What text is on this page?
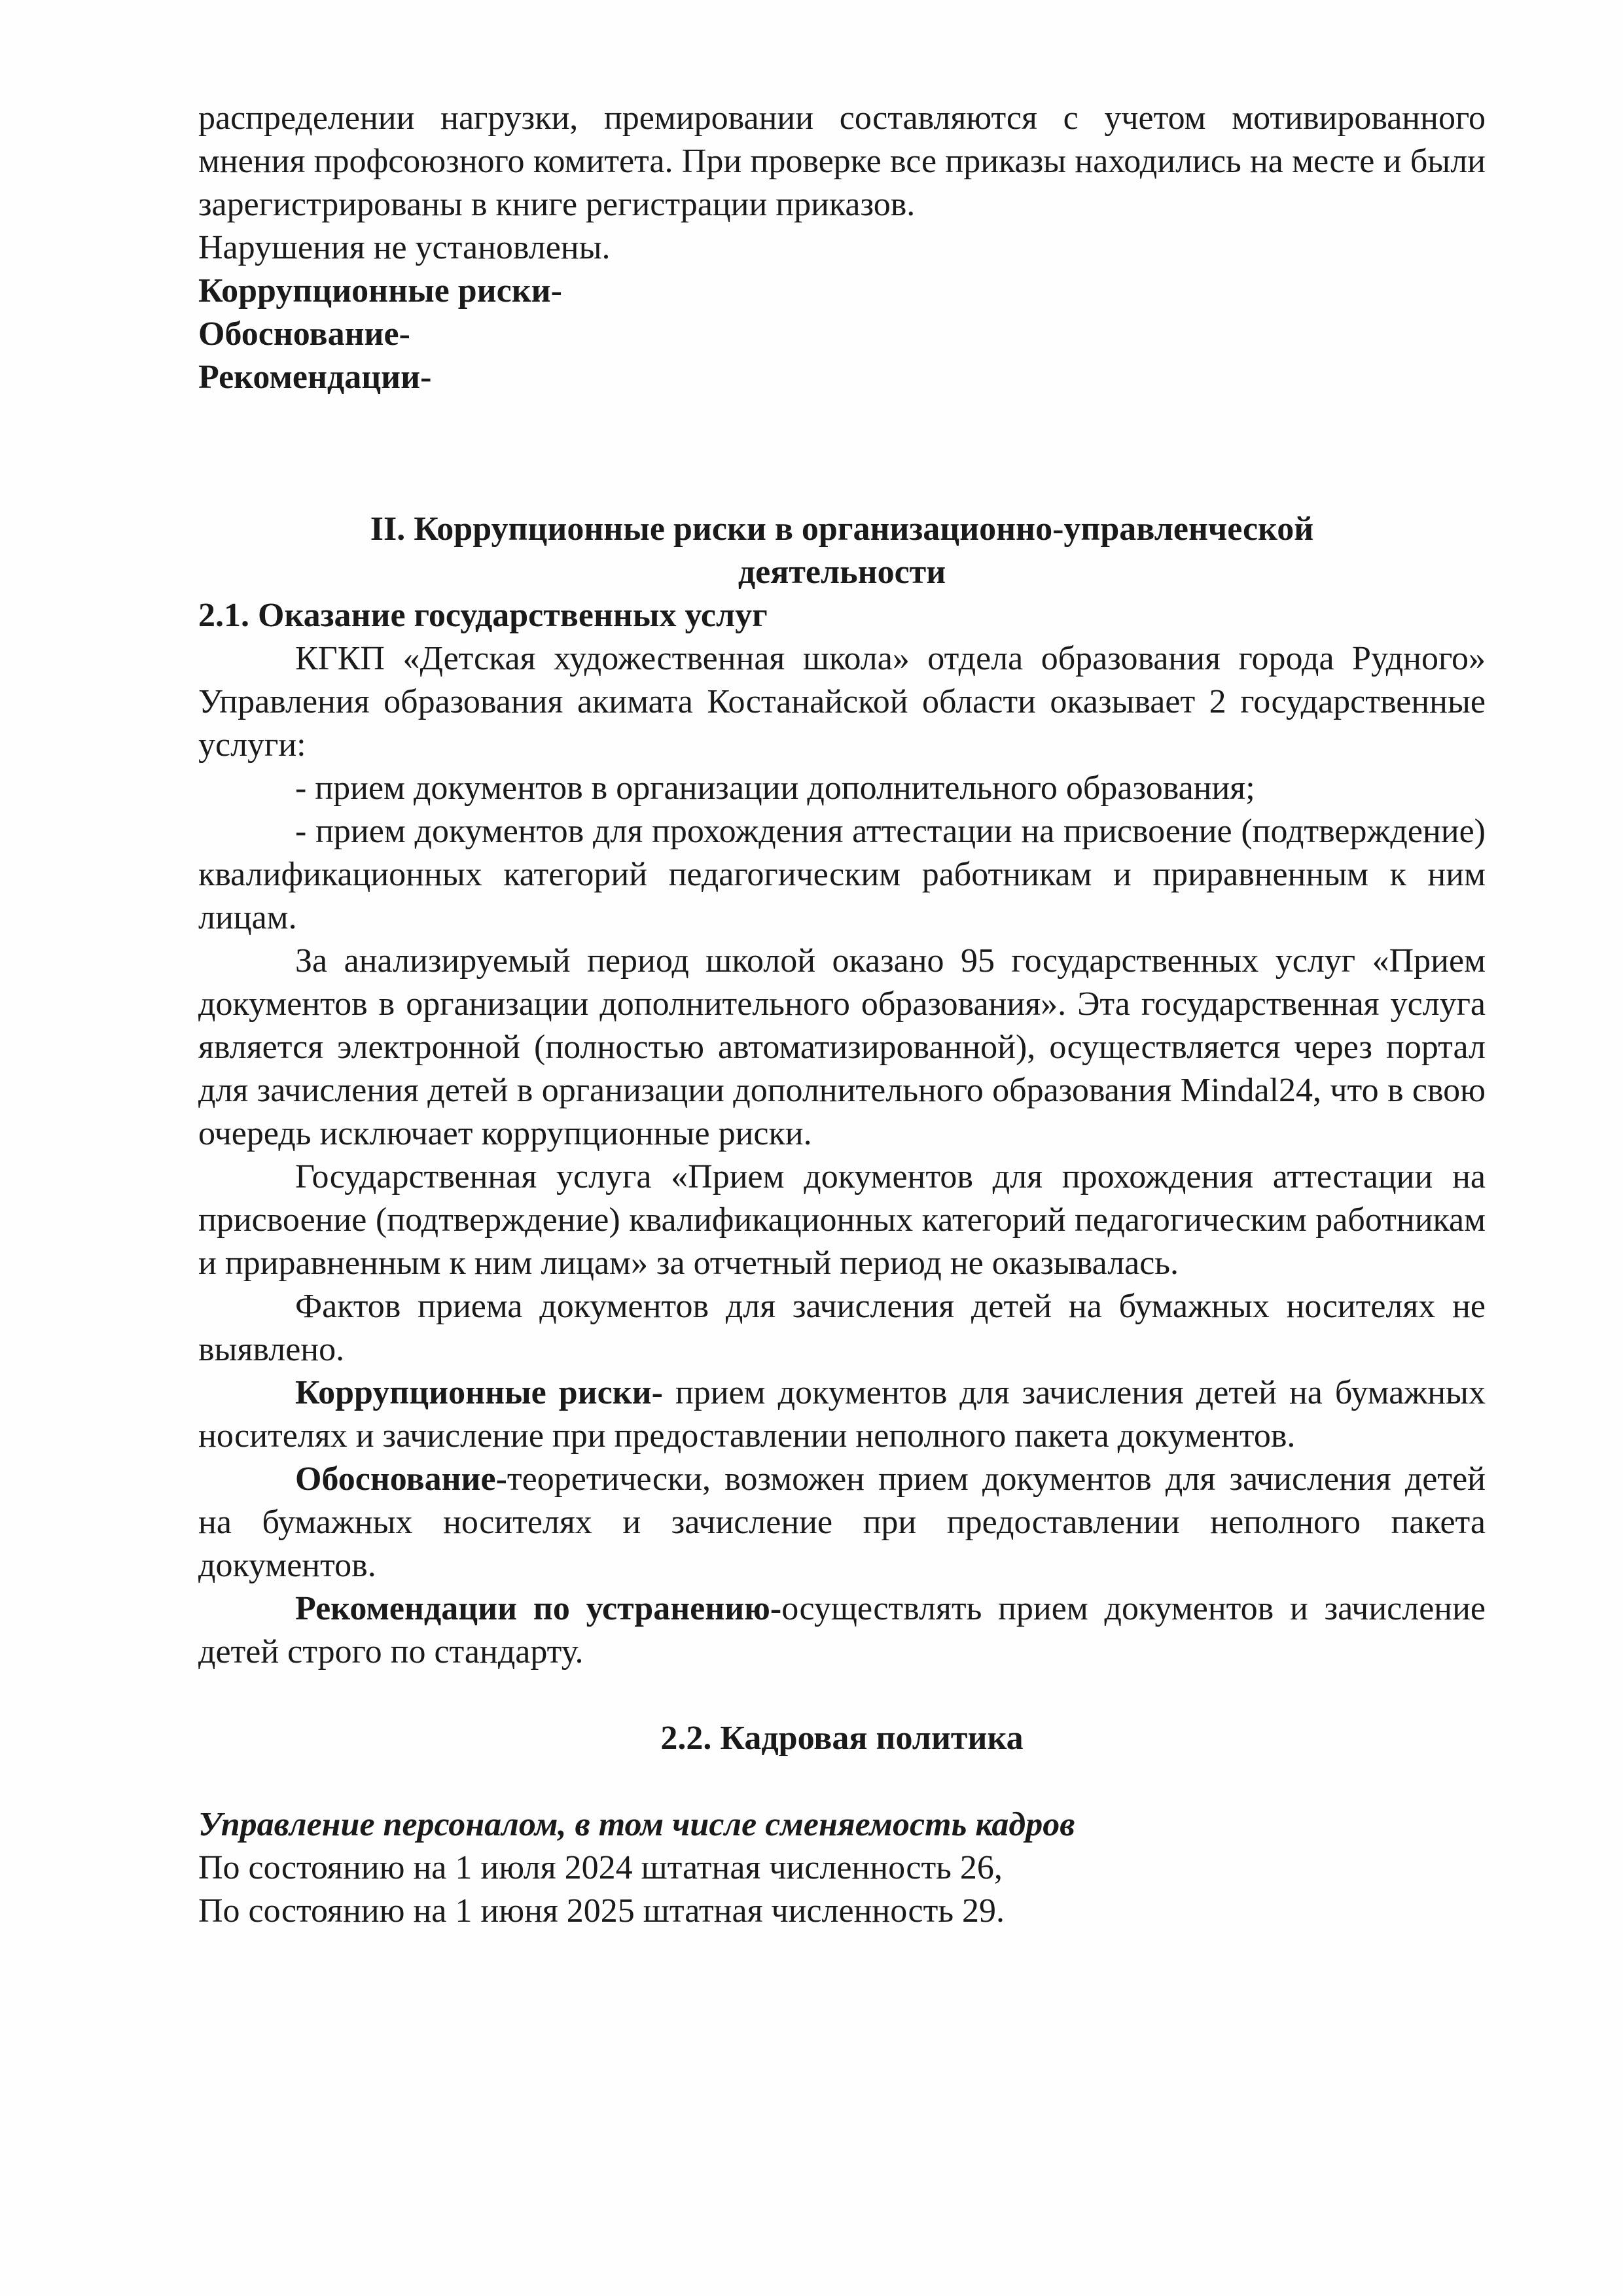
распределении нагрузки, премировании составляются с учетом мотивированного мнения профсоюзного комитета. При проверке все приказы находились на месте и были зарегистрированы в книге регистрации приказов.

Нарушения не установлены.

Коррупционные риски-

Обоснование-

Рекомендации-

II. Коррупционные риски в организационно-управленческой деятельности

2.1. Оказание государственных услуг

КГКП «Детская художественная школа» отдела образования города Рудного» Управления образования акимата Костанайской области оказывает 2 государственные услуги:

- прием документов в организации дополнительного образования;

- прием документов для прохождения аттестации на присвоение (подтверждение) квалификационных категорий педагогическим работникам и приравненным к ним лицам.

За анализируемый период школой оказано 95 государственных услуг «Прием документов в организации дополнительного образования». Эта государственная услуга является электронной (полностью автоматизированной), осуществляется через портал для зачисления детей в организации дополнительного образования Mindal24, что в свою очередь исключает коррупционные риски.

Государственная услуга «Прием документов для прохождения аттестации на присвоение (подтверждение) квалификационных категорий педагогическим работникам и приравненным к ним лицам» за отчетный период не оказывалась.

Фактов приема документов для зачисления детей на бумажных носителях не выявлено.

Коррупционные риски- прием документов для зачисления детей на бумажных носителях и зачисление при предоставлении неполного пакета документов.

Обоснование-теоретически, возможен прием документов для зачисления детей на бумажных носителях и зачисление при предоставлении неполного пакета документов.

Рекомендации по устранению-осуществлять прием документов и зачисление детей строго по стандарту.

2.2. Кадровая политика

Управление персоналом, в том числе сменяемость кадров

По состоянию на 1 июля 2024 штатная численность 26,

По состоянию на 1 июня 2025 штатная численность 29.
